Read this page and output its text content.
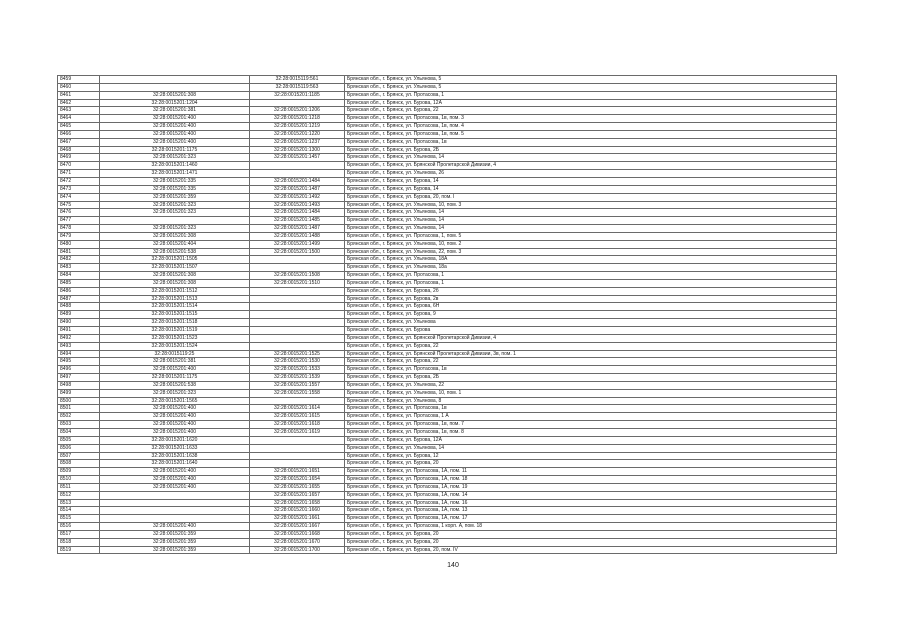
8459		32:28:0015119:561	Брянская обл., г. Брянск, ул. Ульянова, 5
8460		32:28:0015119:563	Брянская обл., г. Брянск, ул. Ульянова, 5
8461	32:28:0015201:308	32:28:0015201:1185	Брянская обл., г. Брянск, ул. Протасова, 1
8462	32:28:0015201:1204		Брянская обл., г. Брянск, ул. Бурова, 12А
8463	32:28:0015201:381	32:28:0015201:1206	Брянская обл., г. Брянск, ул. Бурова, 22
8464	32:28:0015201:400	32:28:0015201:1218	Брянская обл., г. Брянск, ул. Протасова, 1в, пом. 3
8465	32:28:0015201:400	32:28:0015201:1219	Брянская обл., г. Брянск, ул. Протасова, 1в, пом. 4
8466	32:28:0015201:400	32:28:0015201:1220	Брянская обл., г. Брянск, ул. Протасова, 1в, пом. 5
8467	32:28:0015201:400	32:28:0015201:1237	Брянская обл., г. Брянск, ул. Протасова, 1в
8468	32:28:0015201:1175	32:28:0015201:1300	Брянская обл., г. Брянск, ул. Бурова, 2Б
8469	32:28:0015201:323	32:28:0015201:1457	Брянская обл., г. Брянск, ул. Ульянова, 14
8470	32:28:0015201:1460		Брянская обл., г. Брянск, ул. Брянской Пролетарской Дивизии, 4
8471	32:28:0015201:1471		Брянская обл., г. Брянск, ул. Ульянова, 26
8472	32:28:0015201:335	32:28:0015201:1484	Брянская обл., г. Брянск, ул. Бурова, 14
8473	32:28:0015201:335	32:28:0015201:1487	Брянская обл., г. Брянск, ул. Бурова, 14
8474	32:28:0015201:359	32:28:0015201:1492	Брянская обл., г. Брянск, ул. Бурова, 20, пом. I
8475	32:28:0015201:323	32:28:0015201:1493	Брянская обл., г. Брянск, ул. Ульянова, 10, пом. 3
8476	32:28:0015201:323	32:28:0015201:1484	Брянская обл., г. Брянск, ул. Ульянова, 14
8477		32:28:0015201:1485	Брянская обл., г. Брянск, ул. Ульянова, 14
8478	32:28:0015201:323	32:28:0015201:1487	Брянская обл., г. Брянск, ул. Ульянова, 14
8479	32:28:0015201:308	32:28:0015201:1488	Брянская обл., г. Брянск, ул. Протасова, 1, пом. 5
8480	32:28:0015201:404	32:28:0015201:1499	Брянская обл., г. Брянск, ул. Ульянова, 10, пом. 2
8481	32:28:0015201:538	32:28:0015201:1500	Брянская обл., г. Брянск, ул. Ульянова, 22, пом. 3
8482	32:28:0015201:1505		Брянская обл., г. Брянск, ул. Ульянова, 18А
8483	32:28:0015201:1507		Брянская обл., г. Брянск, ул. Ульянова, 18а
8484	32:28:0015201:308	32:28:0015201:1508	Брянская обл., г. Брянск, ул. Протасова, 1
8485	32:28:0015201:308	32:28:0015201:1510	Брянская обл., г. Брянск, ул. Протасова, 1
8486	32:28:0015201:1512		Брянская обл., г. Брянск, ул. Бурова, 2б
8487	32:28:0015201:1513		Брянская обл., г. Брянск, ул. Бурова, 2в
8488	32:28:0015201:1514		Брянская обл., г. Брянск, ул. Бурова, 6Н
8489	32:28:0015201:1515		Брянская обл., г. Брянск, ул. Бурова, 9
8490	32:28:0015201:1518		Брянская обл., г. Брянск, ул. Ульянова
8491	32:28:0015201:1519		Брянская обл., г. Брянск, ул. Бурова
8492	32:28:0015201:1523		Брянская обл., г. Брянск, ул. Брянской Пролетарской Дивизии, 4
8493	32:28:0015201:1524		Брянская обл., г. Брянск, ул. Бурова, 22
8494	32:28:0015119:25	32:28:0015201:1525	Брянская обл., г. Брянск, ул. Брянской Пролетарской Дивизии, 3в, пом. 1
8495	32:28:0015201:381	32:28:0015201:1530	Брянская обл., г. Брянск, ул. Бурова, 22
8496	32:28:0015201:400	32:28:0015201:1533	Брянская обл., г. Брянск, ул. Протасова, 1в
8497	32:28:0015201:1175	32:28:0015201:1539	Брянская обл., г. Брянск, ул. Бурова, 2Б
8498	32:28:0015201:538	32:28:0015201:1557	Брянская обл., г. Брянск, ул. Ульянова, 22
8499	32:28:0015201:323	32:28:0015201:1558	Брянская обл., г. Брянск, ул. Ульянова, 10, пом. 1
8500	32:28:0015201:1565		Брянская обл., г. Брянск, ул. Ульянова, 8
8501	32:28:0015201:400	32:28:0015201:1614	Брянская обл., г. Брянск, ул. Протасова, 1в
8502	32:28:0015201:400	32:28:0015201:1615	Брянская обл., г. Брянск, ул. Протасова, 1 А
8503	32:28:0015201:400	32:28:0015201:1618	Брянская обл., г. Брянск, ул. Протасова, 1в, пом. 7
8504	32:28:0015201:400	32:28:0015201:1619	Брянская обл., г. Брянск, ул. Протасова, 1в, пом. 8
8505	32:28:0015201:1620		Брянская обл., г. Брянск, ул. Бурова, 12А
8506	32:28:0015201:1633		Брянская обл., г. Брянск, ул. Ульянова, 14
8507	32:28:0015201:1638		Брянская обл., г. Брянск, ул. Бурова, 12
8508	32:28:0015201:1640		Брянская обл., г. Брянск, ул. Бурова, 20
8509	32:28:0015201:400	32:28:0015201:1651	Брянская обл., г. Брянск, ул. Протасова, 1А, пом. 11
8510	32:28:0015201:400	32:28:0015201:1654	Брянская обл., г. Брянск, ул. Протасова, 1А, пом. 18
8511	32:28:0015201:400	32:28:0015201:1655	Брянская обл., г. Брянск, ул. Протасова, 1А, пом. 19
8512		32:28:0015201:1657	Брянская обл., г. Брянск, ул. Протасова, 1А, пом. 14
8513		32:28:0015201:1658	Брянская обл., г. Брянск, ул. Протасова, 1А, пом. 16
8514		32:28:0015201:1660	Брянская обл., г. Брянск, ул. Протасова, 1А, пом. 13
8515		32:28:0015201:1661	Брянская обл., г. Брянск, ул. Протасова, 1А, пом. 17
8516	32:28:0015201:400	32:28:0015201:1667	Брянская обл., г. Брянск, ул. Протасова, 1 корп. А, пом. 18
8517	32:28:0015201:359	32:28:0015201:1668	Брянская обл., г. Брянск, ул. Бурова, 20
8518	32:28:0015201:359	32:28:0015201:1670	Брянская обл., г. Брянск, ул. Бурова, 20
8519	32:28:0015201:359	32:28:0015201:1700	Брянская обл., г. Брянск, ул. Бурова, 20, пом. IV
140
